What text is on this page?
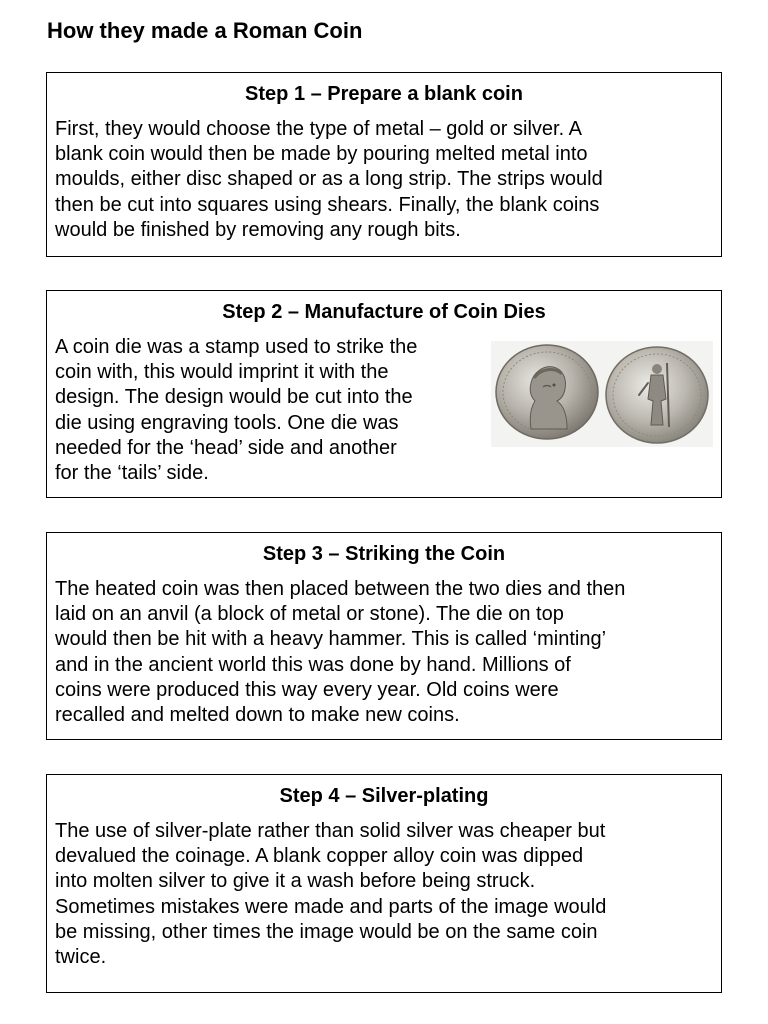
How they made a Roman Coin
Step 1 – Prepare a blank coin

First, they would choose the type of metal – gold or silver. A
blank coin would then be made by pouring melted metal into
moulds, either disc shaped or as a long strip. The strips would
then be cut into squares using shears. Finally, the blank coins
would be finished by removing any rough bits.

Step 2 – Manufacture of Coin Dies

A coin die was a stamp used to strike the
coin with, this would imprint it with the
design. The design would be cut into the
die using engraving tools. One die was
needed for the ‘head’ side and another
for the ‘tails’ side.

Step 3 – Striking the Coin

The heated coin was then placed between the two dies and then
laid on an anvil (a block of metal or stone). The die on top
would then be hit with a heavy hammer. This is called ‘minting’
and in the ancient world this was done by hand. Millions of
coins were produced this way every year. Old coins were
recalled and melted down to make new coins.

Step 4 – Silver-plating

The use of silver-plate rather than solid silver was cheaper but
devalued the coinage. A blank copper alloy coin was dipped
into molten silver to give it a wash before being struck.
Sometimes mistakes were made and parts of the image would
be missing, other times the image would be on the same coin
twice.
